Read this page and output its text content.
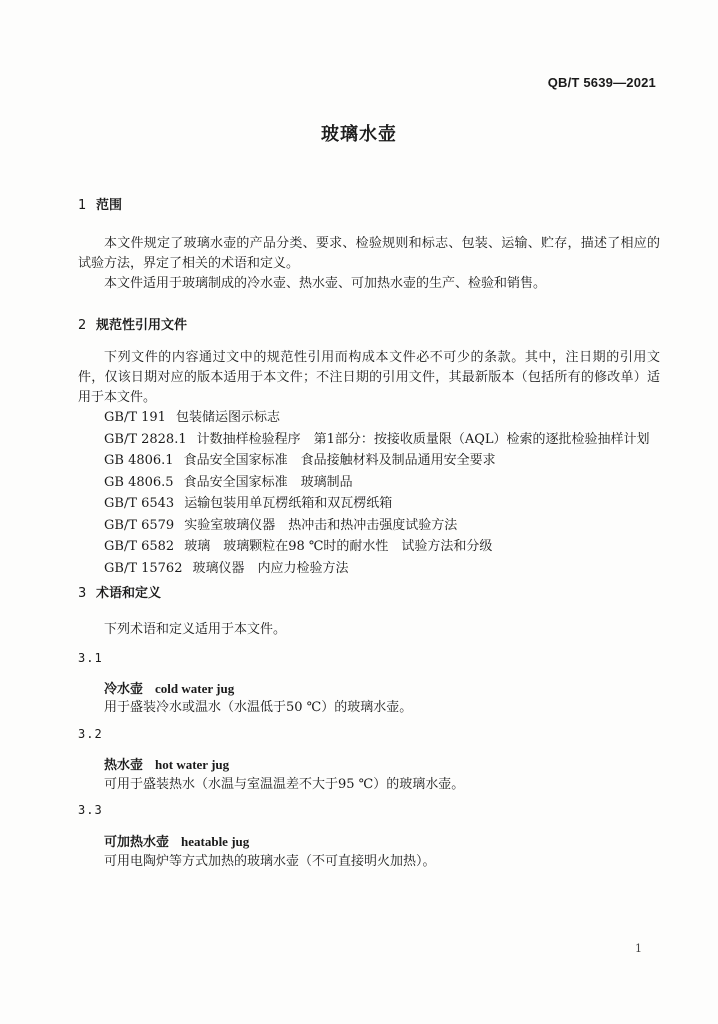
QB/T 5639—2021
玻璃水壶
1 范围
本文件规定了玻璃水壶的产品分类、要求、检验规则和标志、包装、运输、贮存，描述了相应的试验方法，界定了相关的术语和定义。
本文件适用于玻璃制成的冷水壶、热水壶、可加热水壶的生产、检验和销售。
2 规范性引用文件
下列文件的内容通过文中的规范性引用而构成本文件必不可少的条款。其中，注日期的引用文件，仅该日期对应的版本适用于本文件；不注日期的引用文件，其最新版本（包括所有的修改单）适用于本文件。
GB/T 191 包装储运图示标志
GB/T 2828.1 计数抽样检验程序　第1部分：按接收质量限（AQL）检索的逐批检验抽样计划
GB 4806.1 食品安全国家标准　食品接触材料及制品通用安全要求
GB 4806.5 食品安全国家标准　玻璃制品
GB/T 6543 运输包装用单瓦楞纸箱和双瓦楞纸箱
GB/T 6579 实验室玻璃仪器　热冲击和热冲击强度试验方法
GB/T 6582 玻璃　玻璃颗粒在98 ℃时的耐水性　试验方法和分级
GB/T 15762 玻璃仪器　内应力检验方法
3 术语和定义
下列术语和定义适用于本文件。
3.1
冷水壶 cold water jug
用于盛装冷水或温水（水温低于50 ℃）的玻璃水壶。
3.2
热水壶 hot water jug
可用于盛装热水（水温与室温温差不大于95 ℃）的玻璃水壶。
3.3
可加热水壶 heatable jug
可用电陶炉等方式加热的玻璃水壶（不可直接明火加热）。
1
